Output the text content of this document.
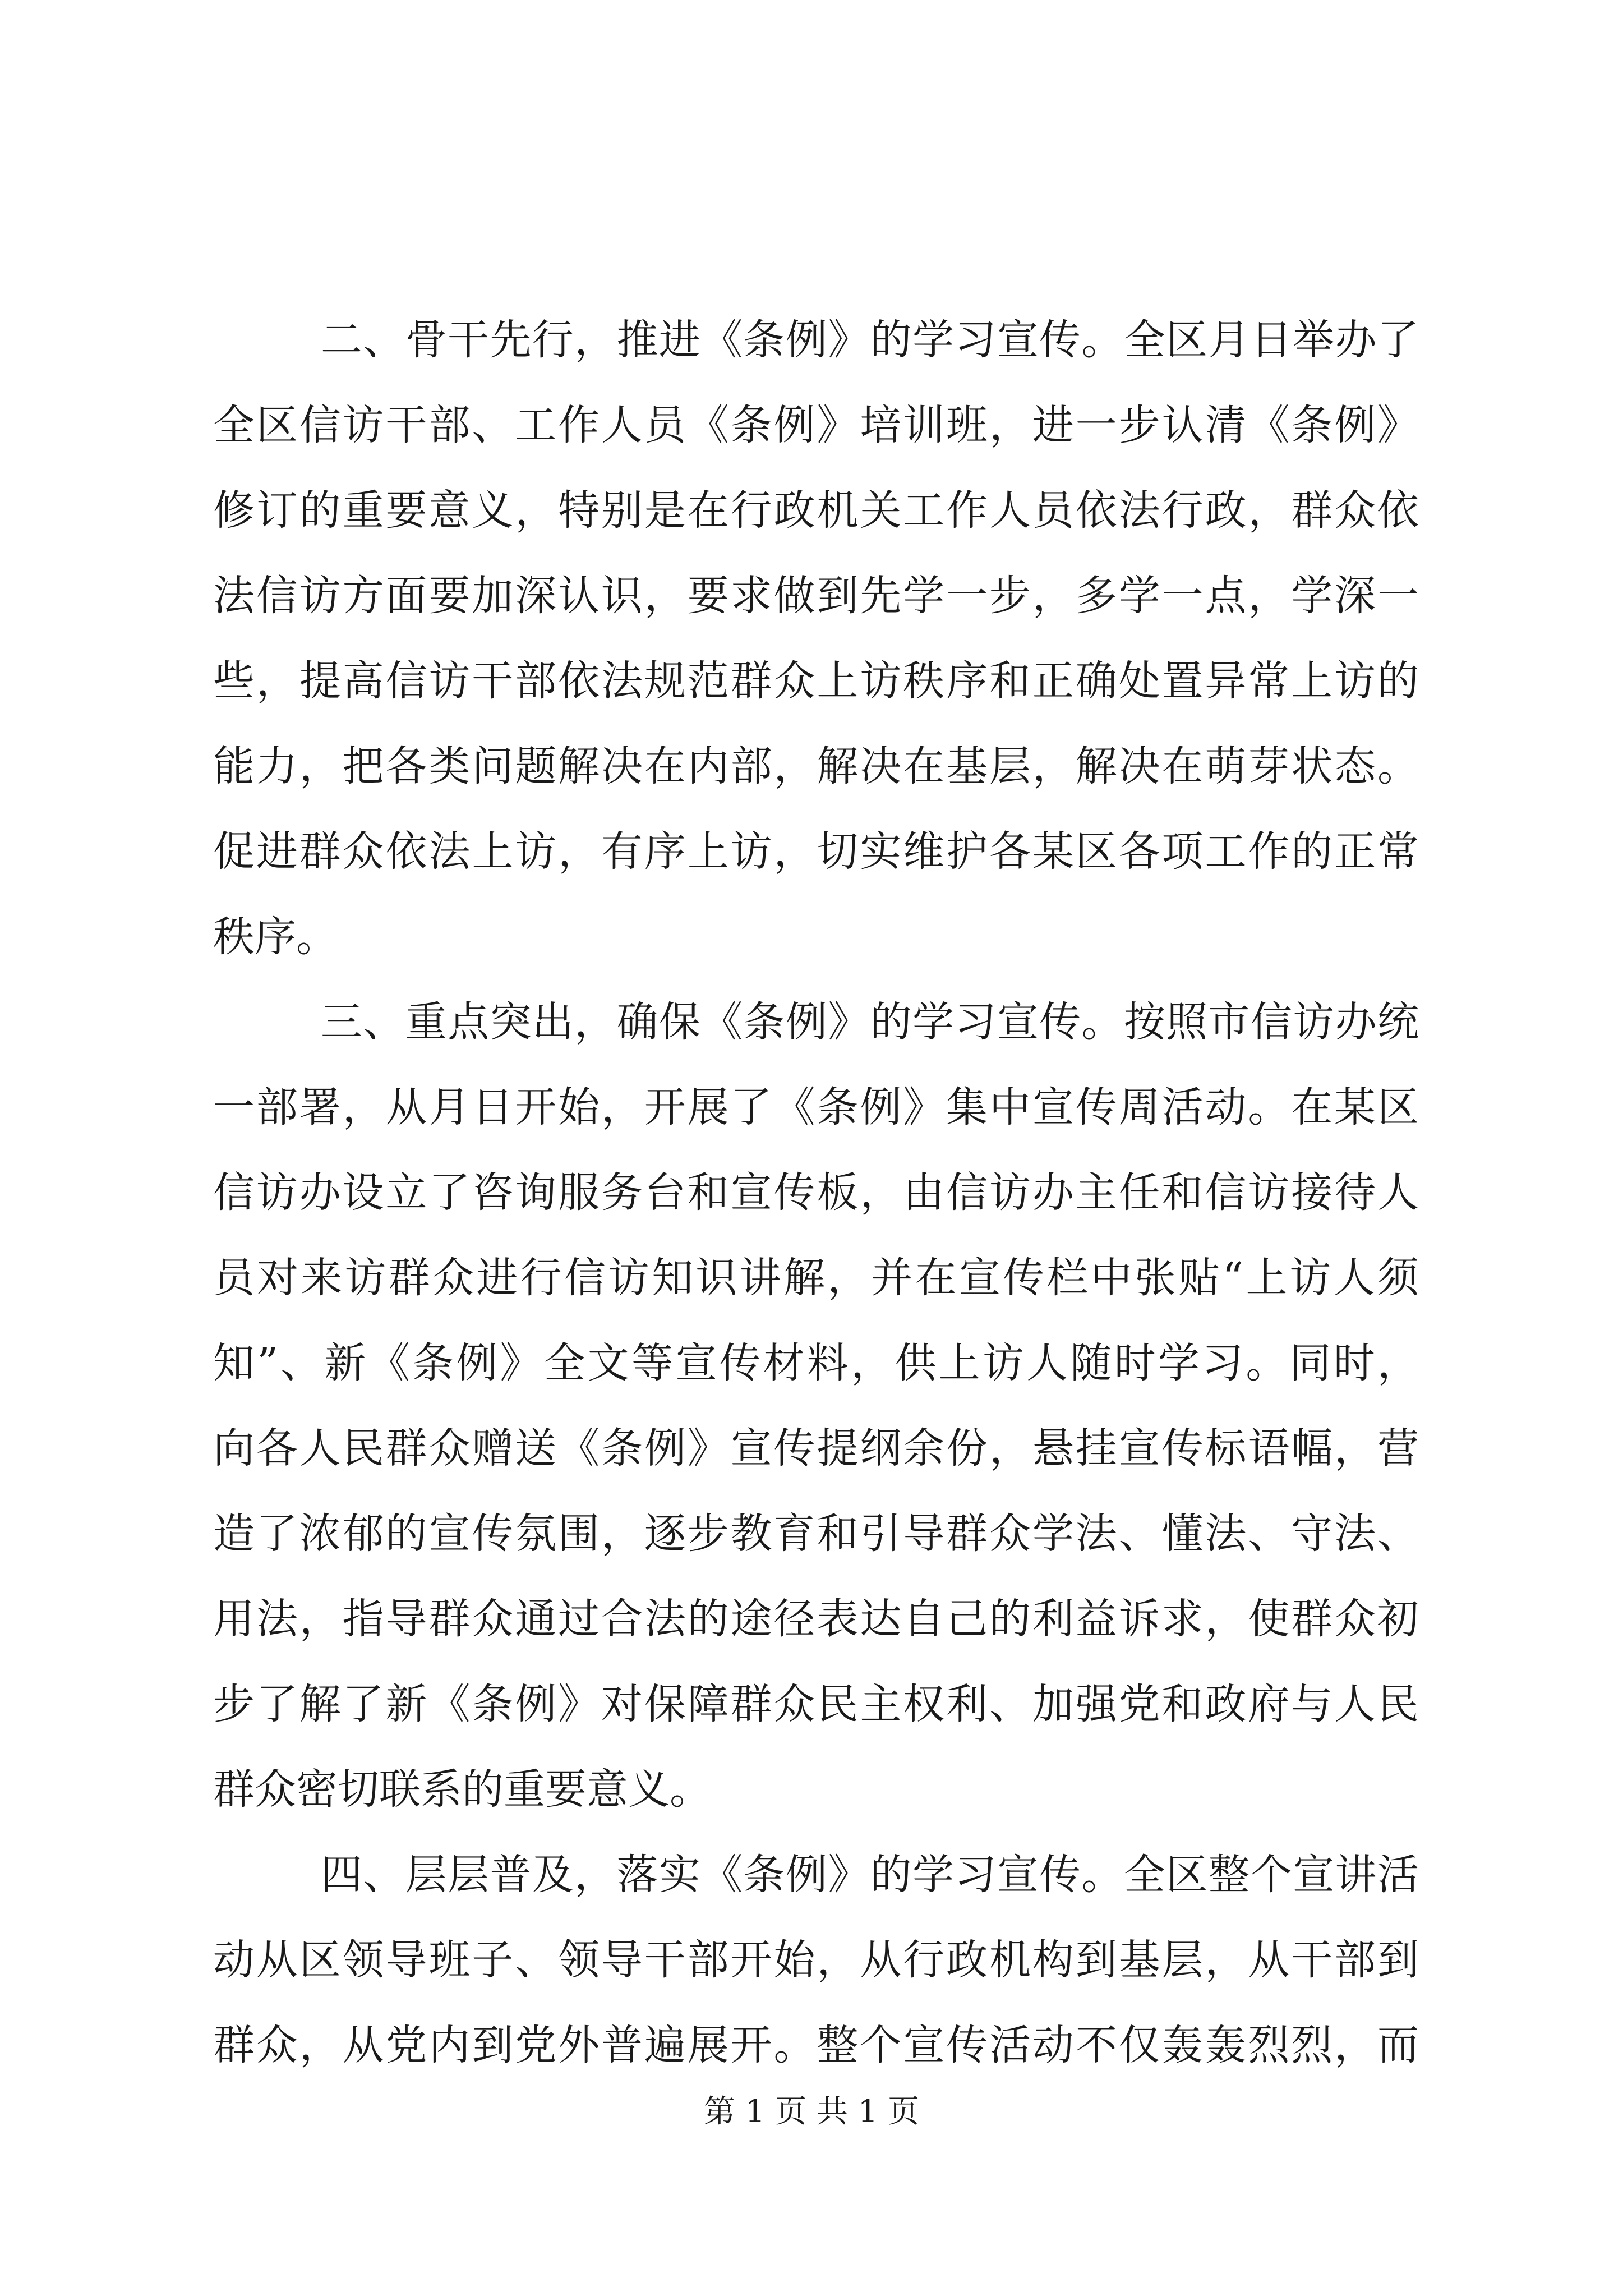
二、骨干先行，推进《条例》的学习宣传。全区月日举办了
全区信访干部、工作人员《条例》培训班，进一步认清《条例》
修订的重要意义，特别是在行政机关工作人员依法行政，群众依
法信访方面要加深认识，要求做到先学一步，多学一点，学深一
些，提高信访干部依法规范群众上访秩序和正确处置异常上访的
能力，把各类问题解决在内部，解决在基层，解决在萌芽状态。
促进群众依法上访，有序上访，切实维护各某区各项工作的正常
秩序。
三、重点突出，确保《条例》的学习宣传。按照市信访办统
一部署，从月日开始，开展了《条例》集中宣传周活动。在某区
信访办设立了咨询服务台和宣传板，由信访办主任和信访接待人
员对来访群众进行信访知识讲解，并在宣传栏中张贴“上访人须
知”、新《条例》全文等宣传材料，供上访人随时学习。同时，
向各人民群众赠送《条例》宣传提纲余份，悬挂宣传标语幅，营
造了浓郁的宣传氛围，逐步教育和引导群众学法、懂法、守法、
用法，指导群众通过合法的途径表达自己的利益诉求，使群众初
步了解了新《条例》对保障群众民主权利、加强党和政府与人民
群众密切联系的重要意义。
四、层层普及，落实《条例》的学习宣传。全区整个宣讲活
动从区领导班子、领导干部开始，从行政机构到基层，从干部到
群众，从党内到党外普遍展开。整个宣传活动不仅轰轰烈烈，而
第 1 页 共 1 页
